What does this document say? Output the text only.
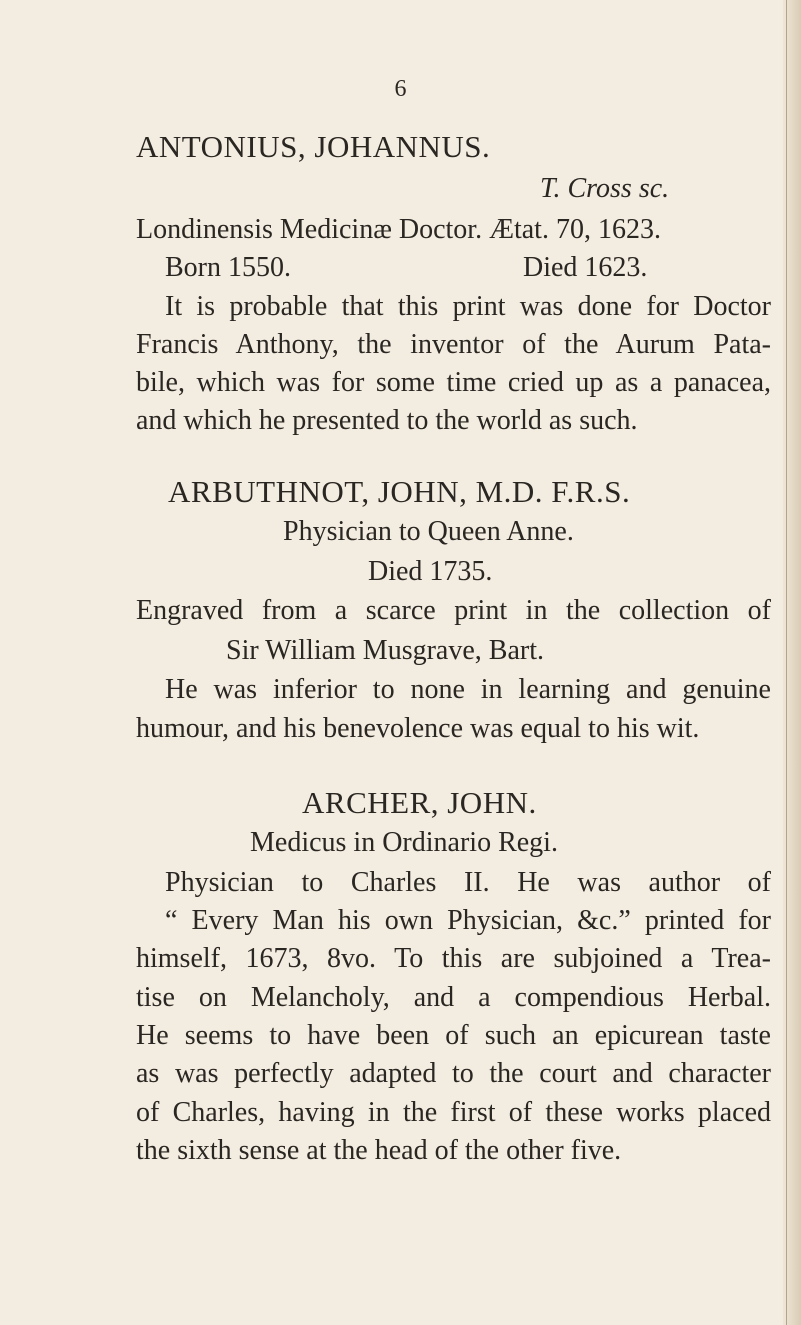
6
ANTONIUS, JOHANNUS.
T. Cross sc.
Londinensis Medicinæ Doctor. Ætat. 70, 1623.
Born 1550.	Died 1623.
It is probable that this print was done for Doctor
Francis Anthony, the inventor of the Aurum Pata-
bile, which was for some time cried up as a panacea,
and which he presented to the world as such.
ARBUTHNOT, JOHN, M.D. F.R.S.
Physician to Queen Anne.
Died 1735.
Engraved from a scarce print in the collection of
Sir William Musgrave, Bart.
He was inferior to none in learning and genuine
humour, and his benevolence was equal to his wit.
ARCHER, JOHN.
Medicus in Ordinario Regi.
Physician to Charles II. He was author of
“ Every Man his own Physician, &c.” printed for
himself, 1673, 8vo. To this are subjoined a Trea-
tise on Melancholy, and a compendious Herbal.
He seems to have been of such an epicurean taste
as was perfectly adapted to the court and character
of Charles, having in the first of these works placed
the sixth sense at the head of the other five.
